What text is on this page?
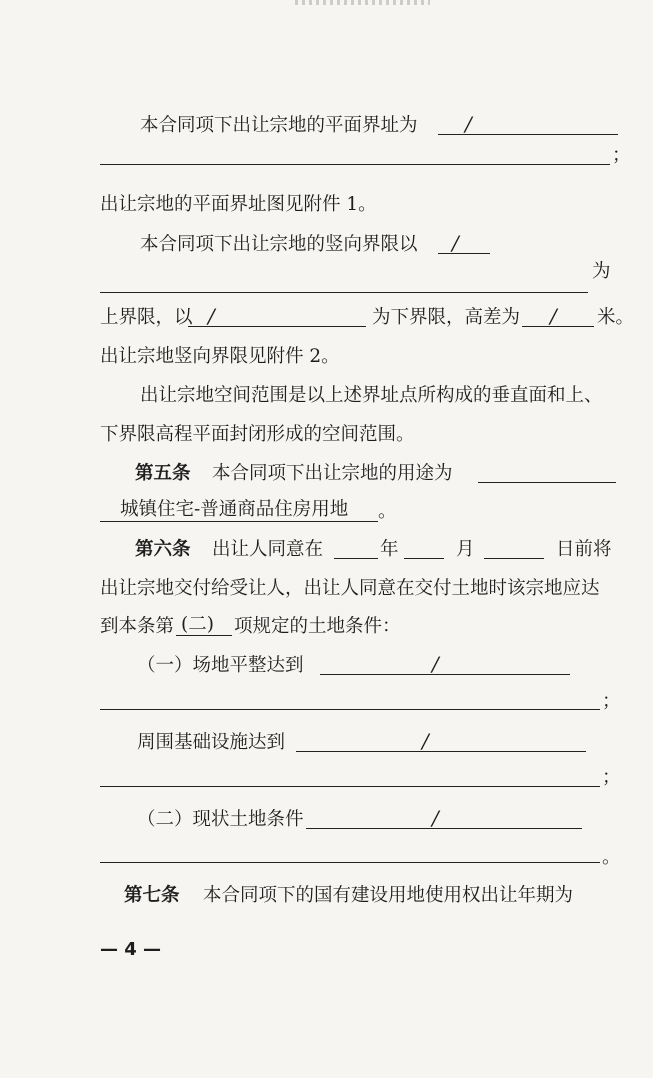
本合同项下出让宗地的平面界址为 /
；
出让宗地的平面界址图见附件 1。
本合同项下出让宗地的竖向界限以 /
为
上界限，以 /	为下界限，高差为 / 米。
出让宗地竖向界限见附件 2。
出让宗地空间范围是以上述界址点所构成的垂直面和上、
下界限高程平面封闭形成的空间范围。
第五条 本合同项下出让宗地的用途为
城镇住宅-普通商品住房用地 。
第六条 出让人同意在	年	月	日前将
出让宗地交付给受让人，出让人同意在交付土地时该宗地应达
到本条第 (二) 项规定的土地条件：
（一）场地平整达到	/
；
周围基础设施达到	/
；
（二）现状土地条件	/
。
第七条 本合同项下的国有建设用地使用权出让年期为
— 4 —
